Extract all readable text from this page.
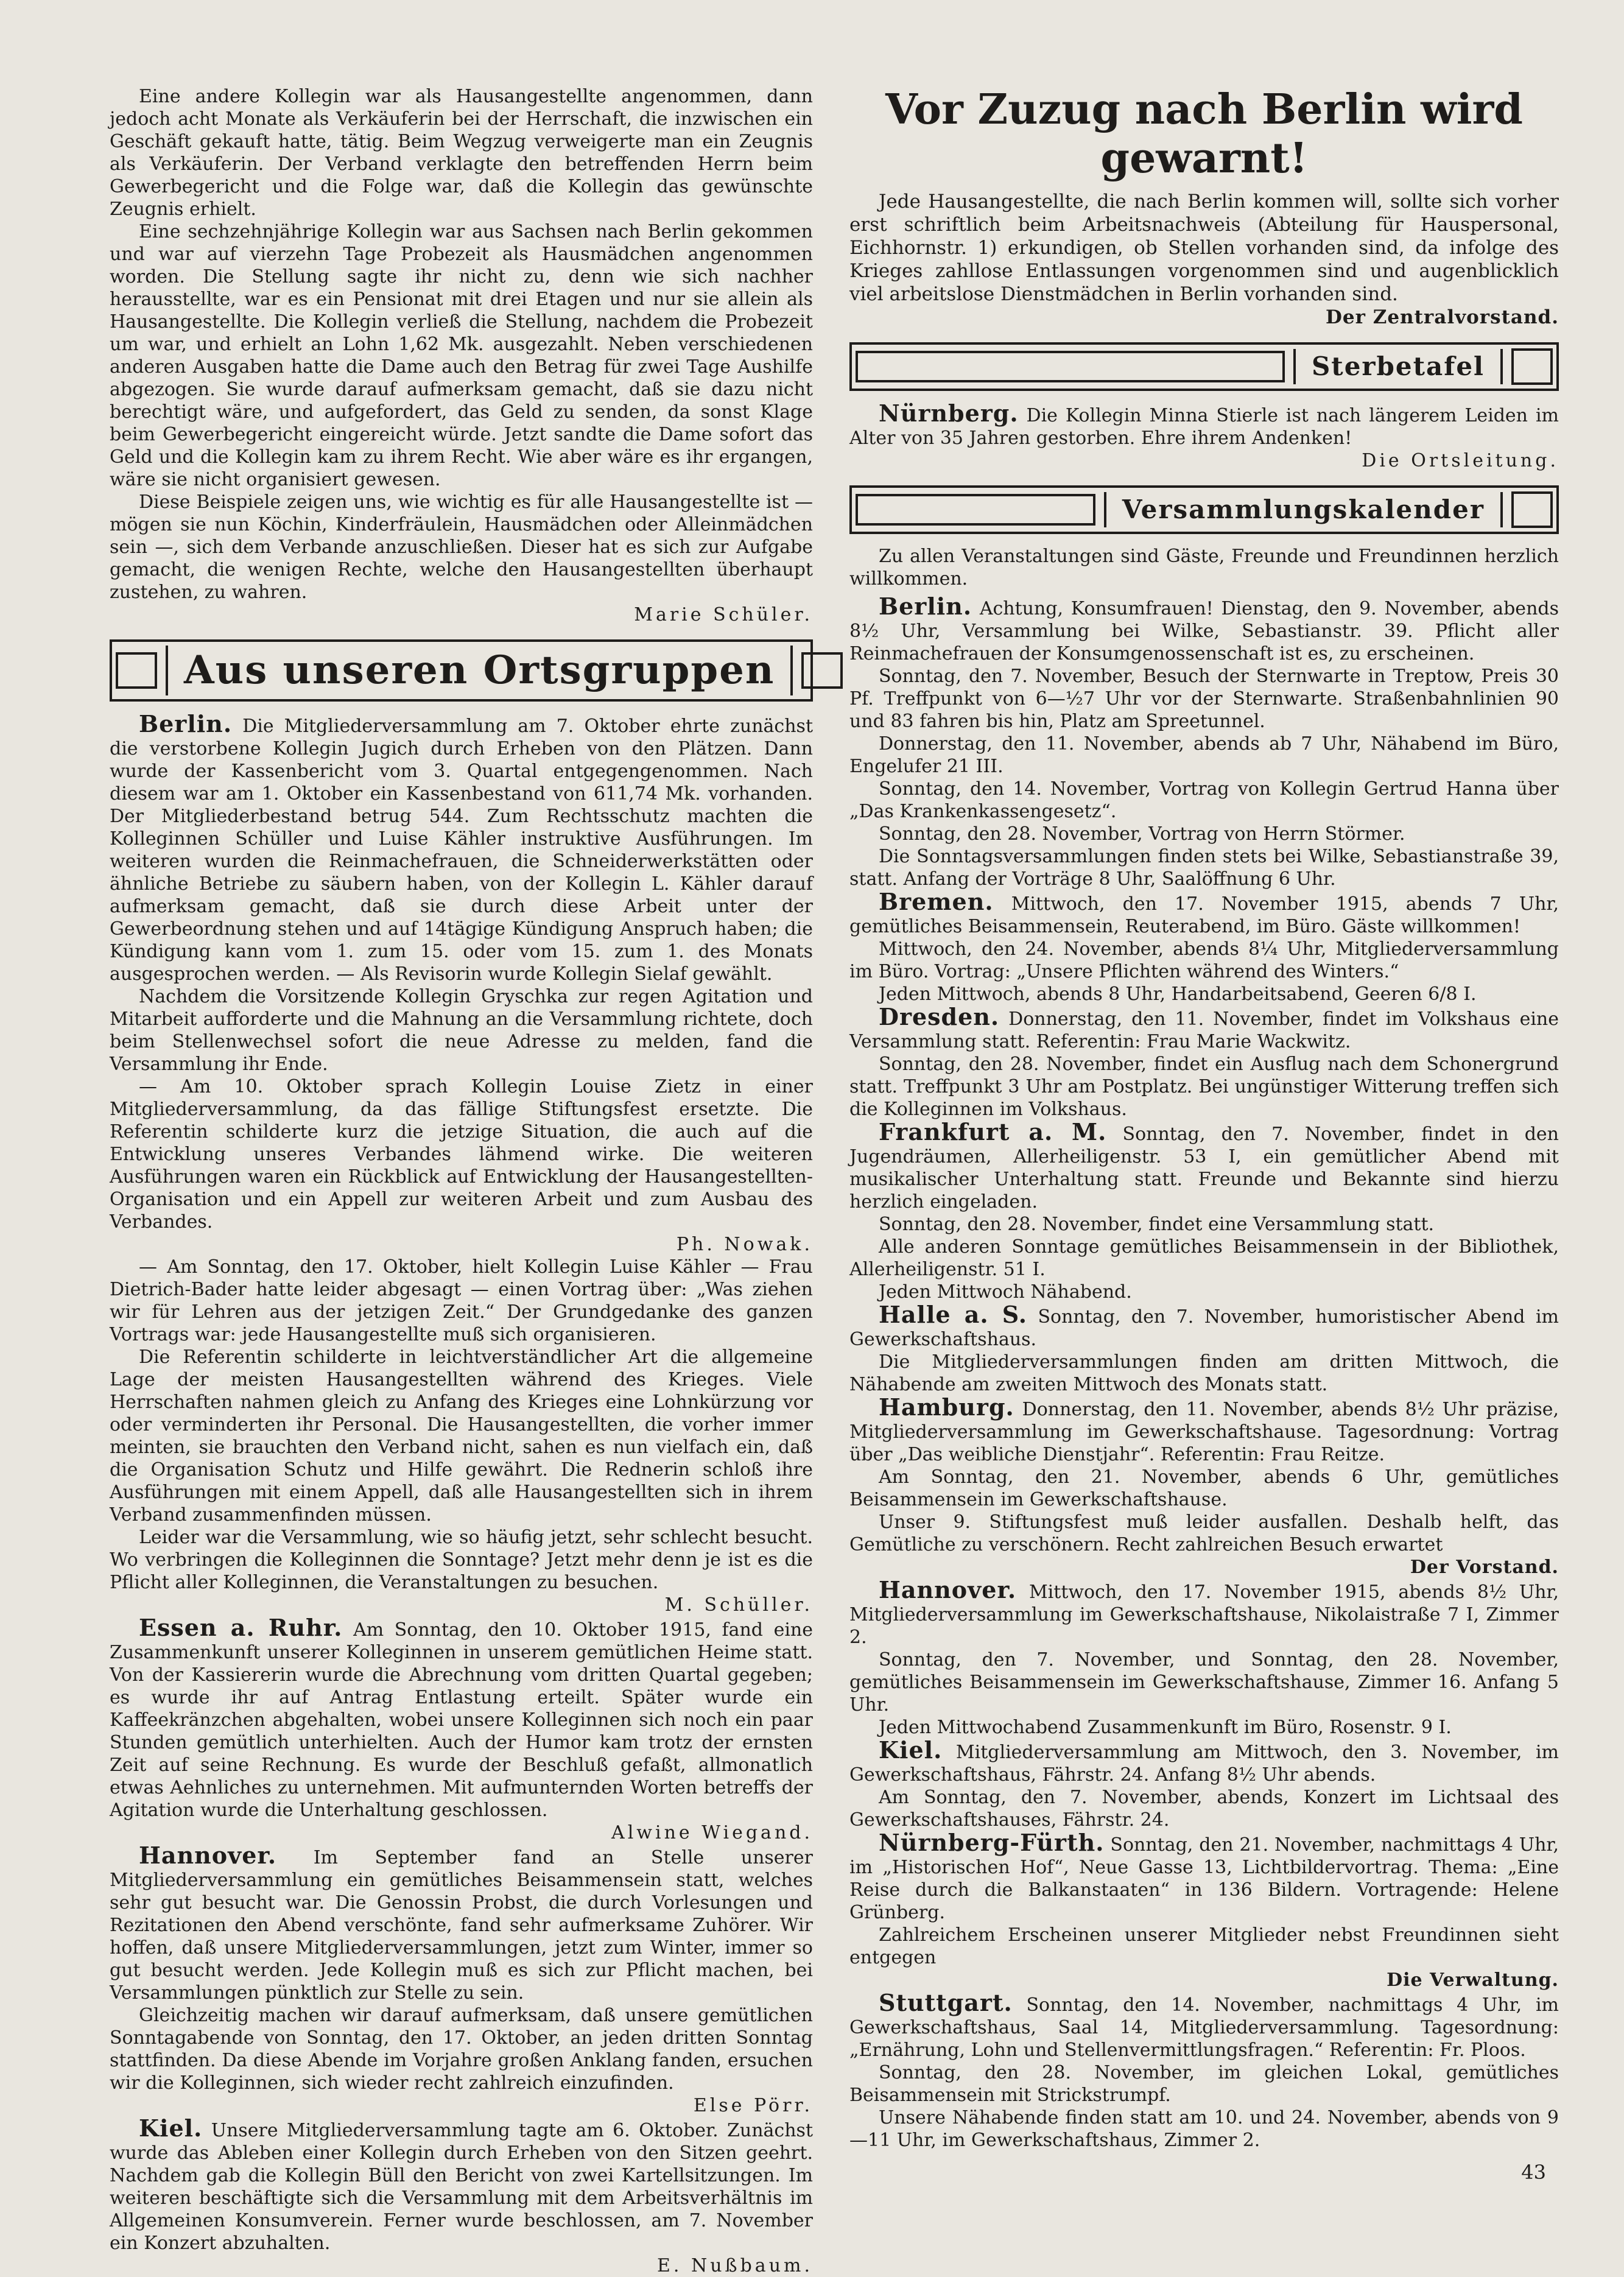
Eine andere Kollegin war als Hausangestellte angenommen, dann jedoch acht Monate als Verkäuferin bei der Herrschaft, die inzwischen ein Geschäft gekauft hatte, tätig. Beim Wegzug verweigerte man ein Zeugnis als Verkäuferin. Der Verband verklagte den betreffenden Herrn beim Gewerbegericht und die Folge war, daß die Kollegin das gewünschte Zeugnis erhielt.

Eine sechzehnjährige Kollegin war aus Sachsen nach Berlin gekommen und war auf vierzehn Tage Probezeit als Hausmädchen angenommen worden. Die Stellung sagte ihr nicht zu, denn wie sich nachher herausstellte, war es ein Pensionat mit drei Etagen und nur sie allein als Hausangestellte. Die Kollegin verließ die Stellung, nachdem die Probezeit um war, und erhielt an Lohn 1,62 Mk. ausgezahlt. Neben verschiedenen anderen Ausgaben hatte die Dame auch den Betrag für zwei Tage Aushilfe abgezogen. Sie wurde darauf aufmerksam gemacht, daß sie dazu nicht berechtigt wäre, und aufgefordert, das Geld zu senden, da sonst Klage beim Gewerbegericht eingereicht würde. Jetzt sandte die Dame sofort das Geld und die Kollegin kam zu ihrem Recht. Wie aber wäre es ihr ergangen, wäre sie nicht organisiert gewesen.

Diese Beispiele zeigen uns, wie wichtig es für alle Hausangestellte ist — mögen sie nun Köchin, Kinderfräulein, Hausmädchen oder Alleinmädchen sein —, sich dem Verbande anzuschließen. Dieser hat es sich zur Aufgabe gemacht, die wenigen Rechte, welche den Hausangestellten überhaupt zustehen, zu wahren.

Marie Schüler.

Aus unseren Ortsgruppen

Berlin. Die Mitgliederversammlung am 7. Oktober ehrte zunächst die verstorbene Kollegin Jugich durch Erheben von den Plätzen. Dann wurde der Kassenbericht vom 3. Quartal entgegengenommen. Nach diesem war am 1. Oktober ein Kassenbestand von 611,74 Mk. vorhanden. Der Mitgliederbestand betrug 544. Zum Rechtsschutz machten die Kolleginnen Schüller und Luise Kähler instruktive Ausführungen. Im weiteren wurden die Reinmachefrauen, die Schneiderwerkstätten oder ähnliche Betriebe zu säubern haben, von der Kollegin L. Kähler darauf aufmerksam gemacht, daß sie durch diese Arbeit unter der Gewerbeordnung stehen und auf 14tägige Kündigung Anspruch haben; die Kündigung kann vom 1. zum 15. oder vom 15. zum 1. des Monats ausgesprochen werden. — Als Revisorin wurde Kollegin Sielaf gewählt.

Nachdem die Vorsitzende Kollegin Gryschka zur regen Agitation und Mitarbeit aufforderte und die Mahnung an die Versammlung richtete, doch beim Stellenwechsel sofort die neue Adresse zu melden, fand die Versammlung ihr Ende.

— Am 10. Oktober sprach Kollegin Louise Zietz in einer Mitgliederversammlung, da das fällige Stiftungsfest ersetzte. Die Referentin schilderte kurz die jetzige Situation, die auch auf die Entwicklung unseres Verbandes lähmend wirke. Die weiteren Ausführungen waren ein Rückblick auf Entwicklung der Hausangestellten-Organisation und ein Appell zur weiteren Arbeit und zum Ausbau des Verbandes.

Ph. Nowak.

— Am Sonntag, den 17. Oktober, hielt Kollegin Luise Kähler — Frau Dietrich-Bader hatte leider abgesagt — einen Vortrag über: „Was ziehen wir für Lehren aus der jetzigen Zeit.“ Der Grundgedanke des ganzen Vortrags war: jede Hausangestellte muß sich organisieren.

Die Referentin schilderte in leichtverständlicher Art die allgemeine Lage der meisten Hausangestellten während des Krieges. Viele Herrschaften nahmen gleich zu Anfang des Krieges eine Lohnkürzung vor oder verminderten ihr Personal. Die Hausangestellten, die vorher immer meinten, sie brauchten den Verband nicht, sahen es nun vielfach ein, daß die Organisation Schutz und Hilfe gewährt. Die Rednerin schloß ihre Ausführungen mit einem Appell, daß alle Hausangestellten sich in ihrem Verband zusammenfinden müssen.

Leider war die Versammlung, wie so häufig jetzt, sehr schlecht besucht. Wo verbringen die Kolleginnen die Sonntage? Jetzt mehr denn je ist es die Pflicht aller Kolleginnen, die Veranstaltungen zu besuchen.

M. Schüller.

Essen a. Ruhr. Am Sonntag, den 10. Oktober 1915, fand eine Zusammenkunft unserer Kolleginnen in unserem gemütlichen Heime statt. Von der Kassiererin wurde die Abrechnung vom dritten Quartal gegeben; es wurde ihr auf Antrag Entlastung erteilt. Später wurde ein Kaffeekränzchen abgehalten, wobei unsere Kolleginnen sich noch ein paar Stunden gemütlich unterhielten. Auch der Humor kam trotz der ernsten Zeit auf seine Rechnung. Es wurde der Beschluß gefaßt, allmonatlich etwas Aehnliches zu unternehmen. Mit aufmunternden Worten betreffs der Agitation wurde die Unterhaltung geschlossen.

Alwine Wiegand.

Hannover. Im September fand an Stelle unserer Mitgliederversammlung ein gemütliches Beisammensein statt, welches sehr gut besucht war. Die Genossin Probst, die durch Vorlesungen und Rezitationen den Abend verschönte, fand sehr aufmerksame Zuhörer. Wir hoffen, daß unsere Mitgliederversammlungen, jetzt zum Winter, immer so gut besucht werden. Jede Kollegin muß es sich zur Pflicht machen, bei Versammlungen pünktlich zur Stelle zu sein.

Gleichzeitig machen wir darauf aufmerksam, daß unsere gemütlichen Sonntagabende von Sonntag, den 17. Oktober, an jeden dritten Sonntag stattfinden. Da diese Abende im Vorjahre großen Anklang fanden, ersuchen wir die Kolleginnen, sich wieder recht zahlreich einzufinden.

Else Pörr.

Kiel. Unsere Mitgliederversammlung tagte am 6. Oktober. Zunächst wurde das Ableben einer Kollegin durch Erheben von den Sitzen geehrt. Nachdem gab die Kollegin Büll den Bericht von zwei Kartellsitzungen. Im weiteren beschäftigte sich die Versammlung mit dem Arbeitsverhältnis im Allgemeinen Konsumverein. Ferner wurde beschlossen, am 7. November ein Konzert abzuhalten.

E. Nußbaum.

Vor Zuzug nach Berlin wird gewarnt!

Jede Hausangestellte, die nach Berlin kommen will, sollte sich vorher erst schriftlich beim Arbeitsnachweis (Abteilung für Hauspersonal, Eichhornstr. 1) erkundigen, ob Stellen vorhanden sind, da infolge des Krieges zahllose Entlassungen vorgenommen sind und augenblicklich viel arbeitslose Dienstmädchen in Berlin vorhanden sind.

Der Zentralvorstand.

Sterbetafel

Nürnberg. Die Kollegin Minna Stierle ist nach längerem Leiden im Alter von 35 Jahren gestorben. Ehre ihrem Andenken!

Die Ortsleitung.

Versammlungskalender

Zu allen Veranstaltungen sind Gäste, Freunde und Freundinnen herzlich willkommen.

Berlin. Achtung, Konsumfrauen! Dienstag, den 9. November, abends 8½ Uhr, Versammlung bei Wilke, Sebastianstr. 39. Pflicht aller Reinmachefrauen der Konsumgenossenschaft ist es, zu erscheinen.

Sonntag, den 7. November, Besuch der Sternwarte in Treptow, Preis 30 Pf. Treffpunkt von 6—½7 Uhr vor der Sternwarte. Straßenbahnlinien 90 und 83 fahren bis hin, Platz am Spreetunnel.

Donnerstag, den 11. November, abends ab 7 Uhr, Nähabend im Büro, Engelufer 21 III.

Sonntag, den 14. November, Vortrag von Kollegin Gertrud Hanna über „Das Krankenkassengesetz“.

Sonntag, den 28. November, Vortrag von Herrn Störmer.

Die Sonntagsversammlungen finden stets bei Wilke, Sebastianstraße 39, statt. Anfang der Vorträge 8 Uhr, Saalöffnung 6 Uhr.

Bremen. Mittwoch, den 17. November 1915, abends 7 Uhr, gemütliches Beisammensein, Reuterabend, im Büro. Gäste willkommen!

Mittwoch, den 24. November, abends 8¼ Uhr, Mitgliederversammlung im Büro. Vortrag: „Unsere Pflichten während des Winters.“

Jeden Mittwoch, abends 8 Uhr, Handarbeitsabend, Geeren 6/8 I.

Dresden. Donnerstag, den 11. November, findet im Volkshaus eine Versammlung statt. Referentin: Frau Marie Wackwitz.

Sonntag, den 28. November, findet ein Ausflug nach dem Schonergrund statt. Treffpunkt 3 Uhr am Postplatz. Bei ungünstiger Witterung treffen sich die Kolleginnen im Volkshaus.

Frankfurt a. M. Sonntag, den 7. November, findet in den Jugendräumen, Allerheiligenstr. 53 I, ein gemütlicher Abend mit musikalischer Unterhaltung statt. Freunde und Bekannte sind hierzu herzlich eingeladen.

Sonntag, den 28. November, findet eine Versammlung statt.

Alle anderen Sonntage gemütliches Beisammensein in der Bibliothek, Allerheiligenstr. 51 I.

Jeden Mittwoch Nähabend.

Halle a. S. Sonntag, den 7. November, humoristischer Abend im Gewerkschaftshaus.

Die Mitgliederversammlungen finden am dritten Mittwoch, die Nähabende am zweiten Mittwoch des Monats statt.

Hamburg. Donnerstag, den 11. November, abends 8½ Uhr präzise, Mitgliederversammlung im Gewerkschaftshause. Tagesordnung: Vortrag über „Das weibliche Dienstjahr“. Referentin: Frau Reitze.

Am Sonntag, den 21. November, abends 6 Uhr, gemütliches Beisammensein im Gewerkschaftshause.

Unser 9. Stiftungsfest muß leider ausfallen. Deshalb helft, das Gemütliche zu verschönern. Recht zahlreichen Besuch erwartet

Der Vorstand.

Hannover. Mittwoch, den 17. November 1915, abends 8½ Uhr, Mitgliederversammlung im Gewerkschaftshause, Nikolaistraße 7 I, Zimmer 2.

Sonntag, den 7. November, und Sonntag, den 28. November, gemütliches Beisammensein im Gewerkschaftshause, Zimmer 16. Anfang 5 Uhr.

Jeden Mittwochabend Zusammenkunft im Büro, Rosenstr. 9 I.

Kiel. Mitgliederversammlung am Mittwoch, den 3. November, im Gewerkschaftshaus, Fährstr. 24. Anfang 8½ Uhr abends.

Am Sonntag, den 7. November, abends, Konzert im Lichtsaal des Gewerkschaftshauses, Fährstr. 24.

Nürnberg-Fürth. Sonntag, den 21. November, nachmittags 4 Uhr, im „Historischen Hof“, Neue Gasse 13, Lichtbildervortrag. Thema: „Eine Reise durch die Balkanstaaten“ in 136 Bildern. Vortragende: Helene Grünberg.

Zahlreichem Erscheinen unserer Mitglieder nebst Freundinnen sieht entgegen

Die Verwaltung.

Stuttgart. Sonntag, den 14. November, nachmittags 4 Uhr, im Gewerkschaftshaus, Saal 14, Mitgliederversammlung. Tagesordnung: „Ernährung, Lohn und Stellenvermittlungsfragen.“ Referentin: Fr. Ploos.

Sonntag, den 28. November, im gleichen Lokal, gemütliches Beisammensein mit Strickstrumpf.

Unsere Nähabende finden statt am 10. und 24. November, abends von 9—11 Uhr, im Gewerkschaftshaus, Zimmer 2.

43
